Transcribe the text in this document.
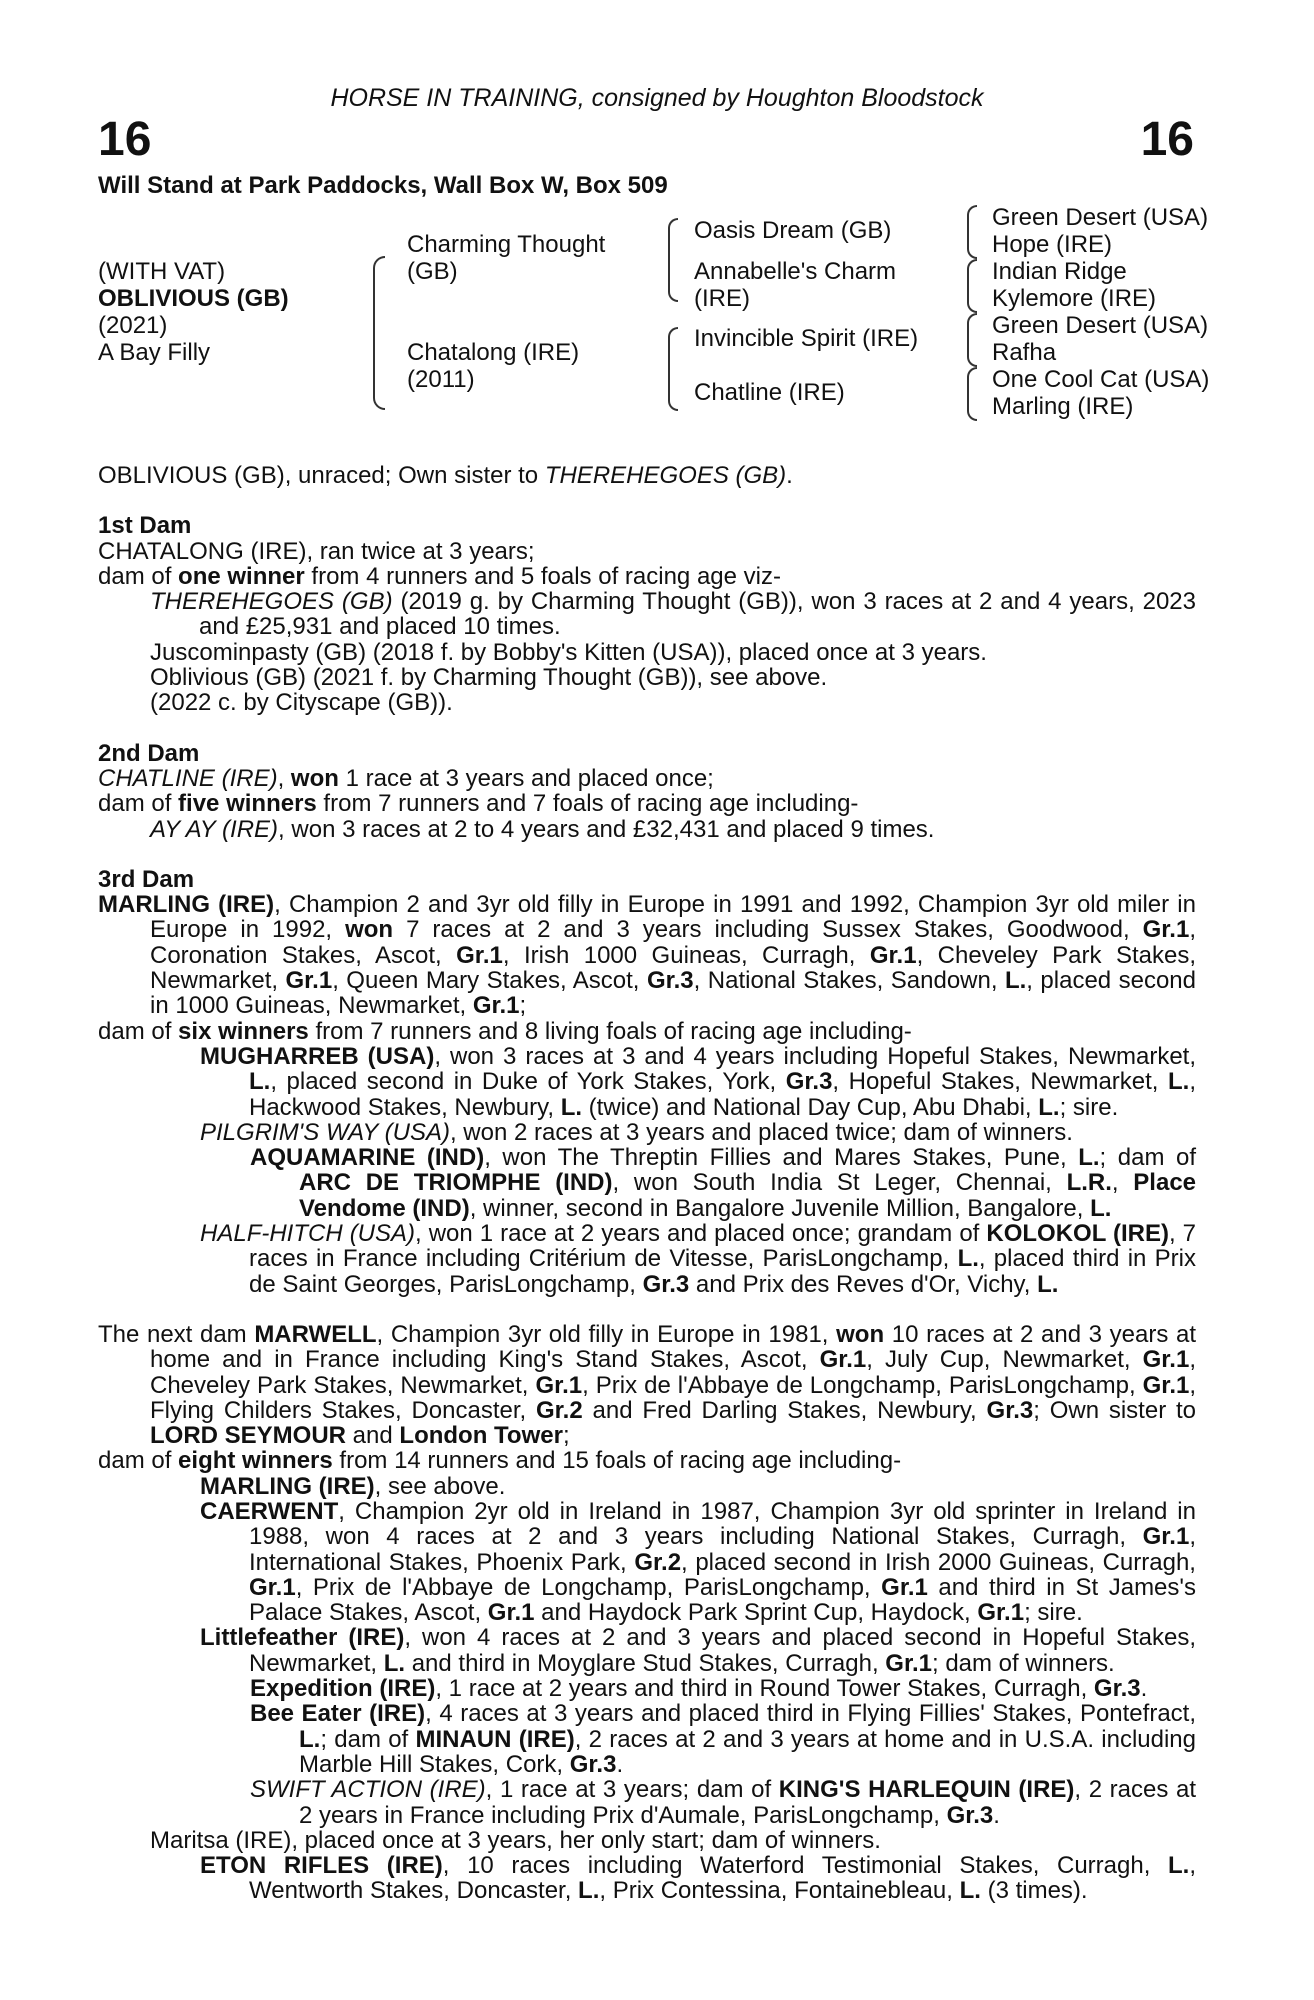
HORSE IN TRAINING, consigned by Houghton Bloodstock
16	16
Will Stand at Park Paddocks, Wall Box W, Box 509
(WITH VAT)
OBLIVIOUS (GB)
(2021)
A Bay Filly
Charming Thought
(GB)
Chatalong (IRE)
(2011)
Oasis Dream (GB)
Annabelle's Charm
(IRE)
Invincible Spirit (IRE)
Chatline (IRE)
Green Desert (USA)
Hope (IRE)
Indian Ridge
Kylemore (IRE)
Green Desert (USA)
Rafha
One Cool Cat (USA)
Marling (IRE)

OBLIVIOUS (GB), unraced; Own sister to THEREHEGOES (GB).

1st Dam

CHATALONG (IRE), ran twice at 3 years;

dam of one winner from 4 runners and 5 foals of racing age viz-

THEREHEGOES (GB) (2019 g. by Charming Thought (GB)), won 3 races at 2 and 4 years, 2023 and £25,931 and placed 10 times.

Juscominpasty (GB) (2018 f. by Bobby's Kitten (USA)), placed once at 3 years.

Oblivious (GB) (2021 f. by Charming Thought (GB)), see above.

(2022 c. by Cityscape (GB)).

2nd Dam

CHATLINE (IRE), won 1 race at 3 years and placed once;

dam of five winners from 7 runners and 7 foals of racing age including-

AY AY (IRE), won 3 races at 2 to 4 years and £32,431 and placed 9 times.

3rd Dam

MARLING (IRE), Champion 2 and 3yr old filly in Europe in 1991 and 1992, Champion 3yr old miler in Europe in 1992, won 7 races at 2 and 3 years including Sussex Stakes, Goodwood, Gr.1, Coronation Stakes, Ascot, Gr.1, Irish 1000 Guineas, Curragh, Gr.1, Cheveley Park Stakes, Newmarket, Gr.1, Queen Mary Stakes, Ascot, Gr.3, National Stakes, Sandown, L., placed second in 1000 Guineas, Newmarket, Gr.1;

dam of six winners from 7 runners and 8 living foals of racing age including-

MUGHARREB (USA), won 3 races at 3 and 4 years including Hopeful Stakes, Newmarket, L., placed second in Duke of York Stakes, York, Gr.3, Hopeful Stakes, Newmarket, L., Hackwood Stakes, Newbury, L. (twice) and National Day Cup, Abu Dhabi, L.; sire.

PILGRIM'S WAY (USA), won 2 races at 3 years and placed twice; dam of winners.

AQUAMARINE (IND), won The Threptin Fillies and Mares Stakes, Pune, L.; dam of ARC DE TRIOMPHE (IND), won South India St Leger, Chennai, L.R., Place Vendome (IND), winner, second in Bangalore Juvenile Million, Bangalore, L.

HALF-HITCH (USA), won 1 race at 2 years and placed once; grandam of KOLOKOL (IRE), 7 races in France including Critérium de Vitesse, ParisLongchamp, L., placed third in Prix de Saint Georges, ParisLongchamp, Gr.3 and Prix des Reves d'Or, Vichy, L.

The next dam MARWELL, Champion 3yr old filly in Europe in 1981, won 10 races at 2 and 3 years at home and in France including King's Stand Stakes, Ascot, Gr.1, July Cup, Newmarket, Gr.1, Cheveley Park Stakes, Newmarket, Gr.1, Prix de l'Abbaye de Longchamp, ParisLongchamp, Gr.1, Flying Childers Stakes, Doncaster, Gr.2 and Fred Darling Stakes, Newbury, Gr.3; Own sister to LORD SEYMOUR and London Tower;

dam of eight winners from 14 runners and 15 foals of racing age including-

MARLING (IRE), see above.

CAERWENT, Champion 2yr old in Ireland in 1987, Champion 3yr old sprinter in Ireland in 1988, won 4 races at 2 and 3 years including National Stakes, Curragh, Gr.1, International Stakes, Phoenix Park, Gr.2, placed second in Irish 2000 Guineas, Curragh, Gr.1, Prix de l'Abbaye de Longchamp, ParisLongchamp, Gr.1 and third in St James's Palace Stakes, Ascot, Gr.1 and Haydock Park Sprint Cup, Haydock, Gr.1; sire.

Littlefeather (IRE), won 4 races at 2 and 3 years and placed second in Hopeful Stakes, Newmarket, L. and third in Moyglare Stud Stakes, Curragh, Gr.1; dam of winners.

Expedition (IRE), 1 race at 2 years and third in Round Tower Stakes, Curragh, Gr.3.

Bee Eater (IRE), 4 races at 3 years and placed third in Flying Fillies' Stakes, Pontefract, L.; dam of MINAUN (IRE), 2 races at 2 and 3 years at home and in U.S.A. including Marble Hill Stakes, Cork, Gr.3.

SWIFT ACTION (IRE), 1 race at 3 years; dam of KING'S HARLEQUIN (IRE), 2 races at 2 years in France including Prix d'Aumale, ParisLongchamp, Gr.3.

Maritsa (IRE), placed once at 3 years, her only start; dam of winners.

ETON RIFLES (IRE), 10 races including Waterford Testimonial Stakes, Curragh, L., Wentworth Stakes, Doncaster, L., Prix Contessina, Fontainebleau, L. (3 times).
